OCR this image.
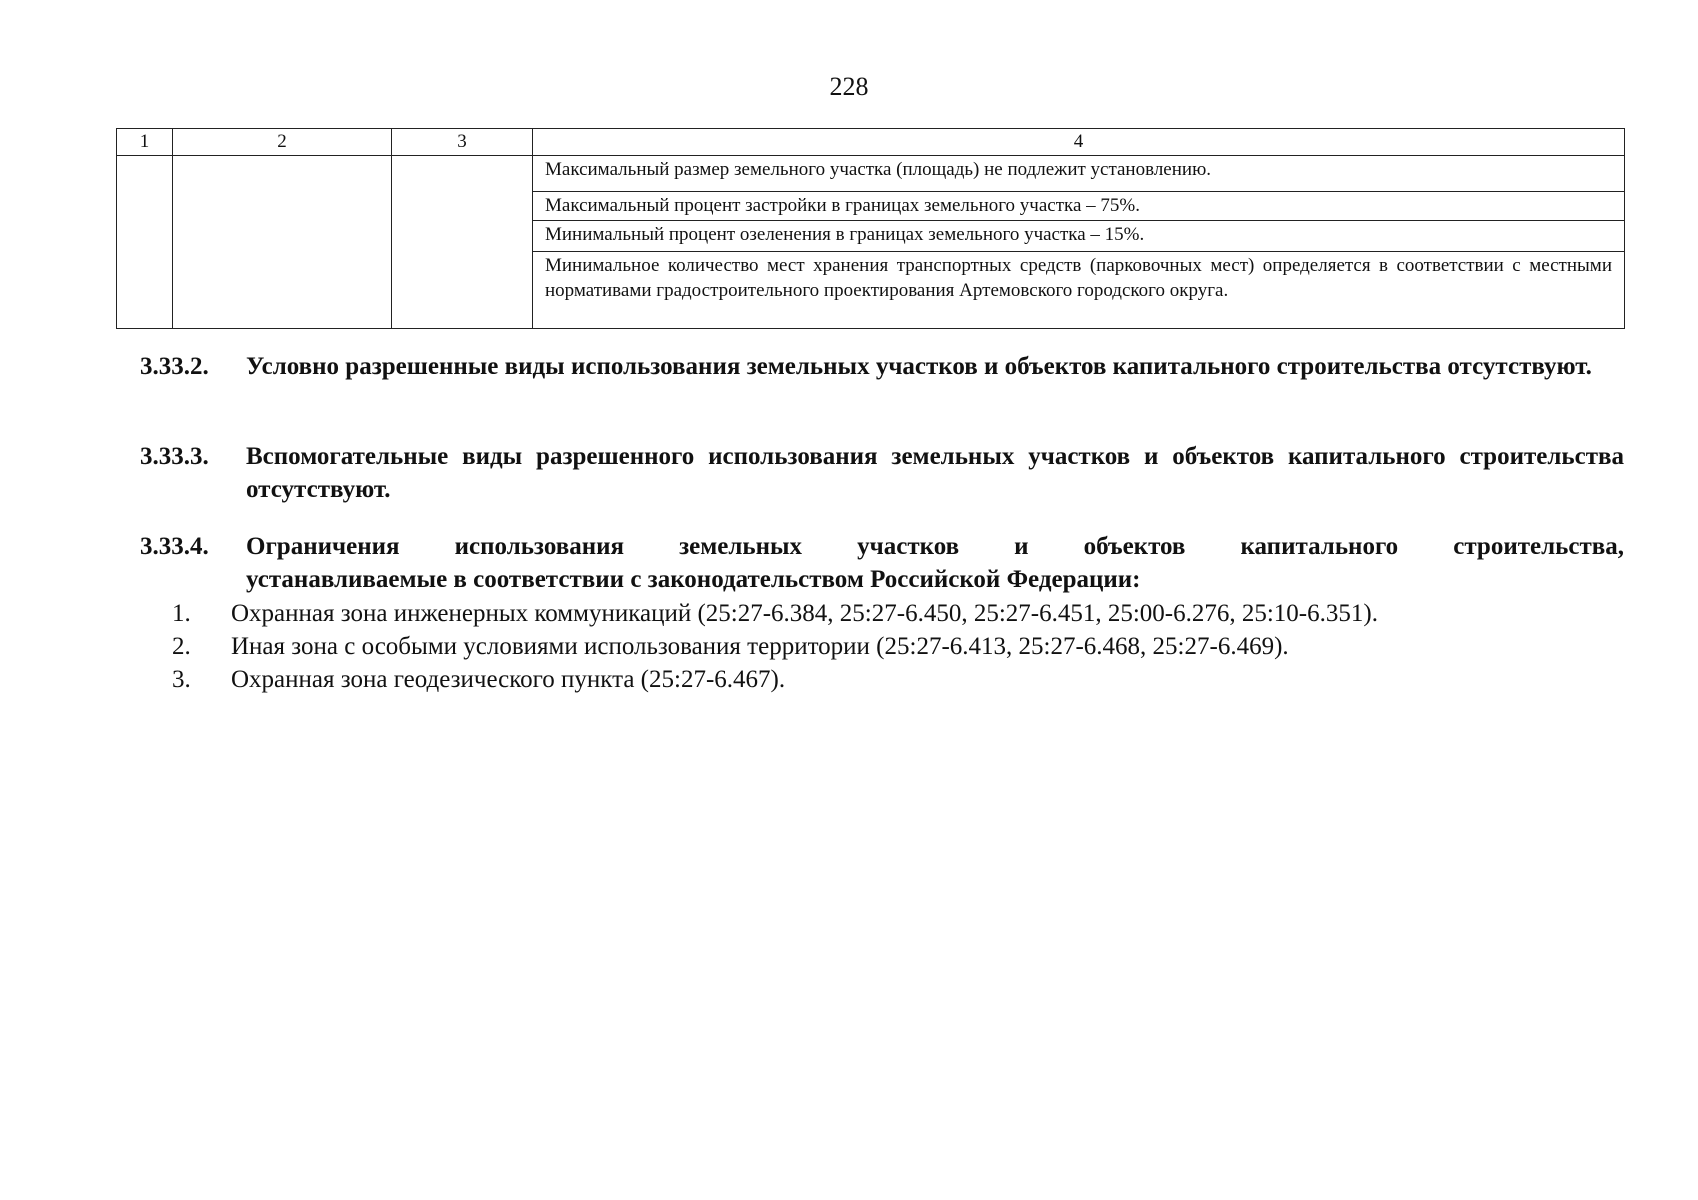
228
1	2	3	4
			Максимальный размер земельного участка (площадь) не подлежит установлению.
			Максимальный процент застройки в границах земельного участка – 75%.
			Минимальный процент озеленения в границах земельного участка – 15%.
			Минимальное количество мест хранения транспортных средств (парковочных мест) определяется в соответствии с местными нормативами градостроительного проектирования Артемовского городского округа.
3.33.2. Условно разрешенные виды использования земельных участков и объектов капитального строительства отсутствуют.
3.33.3. Вспомогательные виды разрешенного использования земельных участков и объектов капитального строительства отсутствуют.
3.33.4. Ограничения использования земельных участков и объектов капитального строительства,
устанавливаемые в соответствии с законодательством Российской Федерации:
1. Охранная зона инженерных коммуникаций (25:27-6.384, 25:27-6.450, 25:27-6.451, 25:00-6.276, 25:10-6.351).
2. Иная зона с особыми условиями использования территории (25:27-6.413, 25:27-6.468, 25:27-6.469).
3. Охранная зона геодезического пункта (25:27-6.467).
